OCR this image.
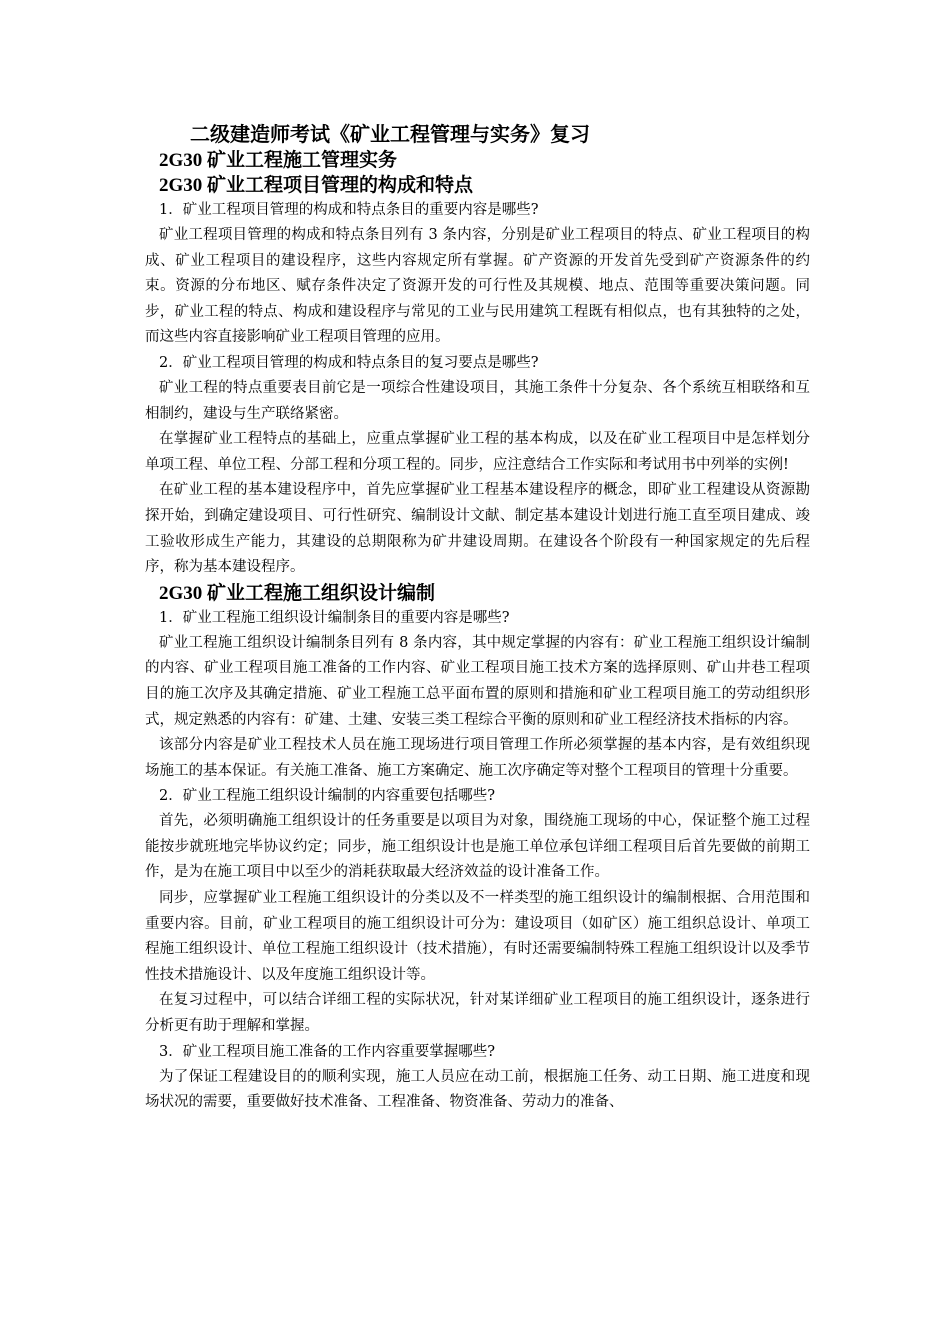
二级建造师考试《矿业工程管理与实务》复习
2G30 矿业工程施工管理实务
2G30 矿业工程项目管理的构成和特点
1．矿业工程项目管理的构成和特点条目的重要内容是哪些?
矿业工程项目管理的构成和特点条目列有 3 条内容，分别是矿业工程项目的特点、矿业工程项目的构成、矿业工程项目的建设程序，这些内容规定所有掌握。矿产资源的开发首先受到矿产资源条件的约束。资源的分布地区、赋存条件决定了资源开发的可行性及其规模、地点、范围等重要决策问题。同步，矿业工程的特点、构成和建设程序与常见的工业与民用建筑工程既有相似点，也有其独特的之处，而这些内容直接影响矿业工程项目管理的应用。
2．矿业工程项目管理的构成和特点条目的复习要点是哪些?
矿业工程的特点重要表目前它是一项综合性建设项目，其施工条件十分复杂、各个系统互相联络和互相制约，建设与生产联络紧密。
在掌握矿业工程特点的基础上，应重点掌握矿业工程的基本构成，以及在矿业工程项目中是怎样划分单项工程、单位工程、分部工程和分项工程的。同步，应注意结合工作实际和考试用书中列举的实例!
在矿业工程的基本建设程序中，首先应掌握矿业工程基本建设程序的概念，即矿业工程建设从资源勘探开始，到确定建设项目、可行性研究、编制设计文献、制定基本建设计划进行施工直至项目建成、竣工验收形成生产能力，其建设的总期限称为矿井建设周期。在建设各个阶段有一种国家规定的先后程序，称为基本建设程序。
2G30 矿业工程施工组织设计编制
1．矿业工程施工组织设计编制条目的重要内容是哪些?
矿业工程施工组织设计编制条目列有 8 条内容，其中规定掌握的内容有：矿业工程施工组织设计编制的内容、矿业工程项目施工准备的工作内容、矿业工程项目施工技术方案的选择原则、矿山井巷工程项目的施工次序及其确定措施、矿业工程施工总平面布置的原则和措施和矿业工程项目施工的劳动组织形式，规定熟悉的内容有：矿建、土建、安装三类工程综合平衡的原则和矿业工程经济技术指标的内容。
该部分内容是矿业工程技术人员在施工现场进行项目管理工作所必须掌握的基本内容，是有效组织现场施工的基本保证。有关施工准备、施工方案确定、施工次序确定等对整个工程项目的管理十分重要。
2．矿业工程施工组织设计编制的内容重要包括哪些?
首先，必须明确施工组织设计的任务重要是以项目为对象，围绕施工现场的中心，保证整个施工过程能按步就班地完毕协议约定；同步，施工组织设计也是施工单位承包详细工程项目后首先要做的前期工作，是为在施工项目中以至少的消耗获取最大经济效益的设计准备工作。
同步，应掌握矿业工程施工组织设计的分类以及不一样类型的施工组织设计的编制根据、合用范围和重要内容。目前，矿业工程项目的施工组织设计可分为：建设项目（如矿区）施工组织总设计、单项工程施工组织设计、单位工程施工组织设计（技术措施），有时还需要编制特殊工程施工组织设计以及季节性技术措施设计、以及年度施工组织设计等。
在复习过程中，可以结合详细工程的实际状况，针对某详细矿业工程项目的施工组织设计，逐条进行分析更有助于理解和掌握。
3．矿业工程项目施工准备的工作内容重要掌握哪些?
为了保证工程建设目的的顺利实现，施工人员应在动工前，根据施工任务、动工日期、施工进度和现场状况的需要，重要做好技术准备、工程准备、物资准备、劳动力的准备、
